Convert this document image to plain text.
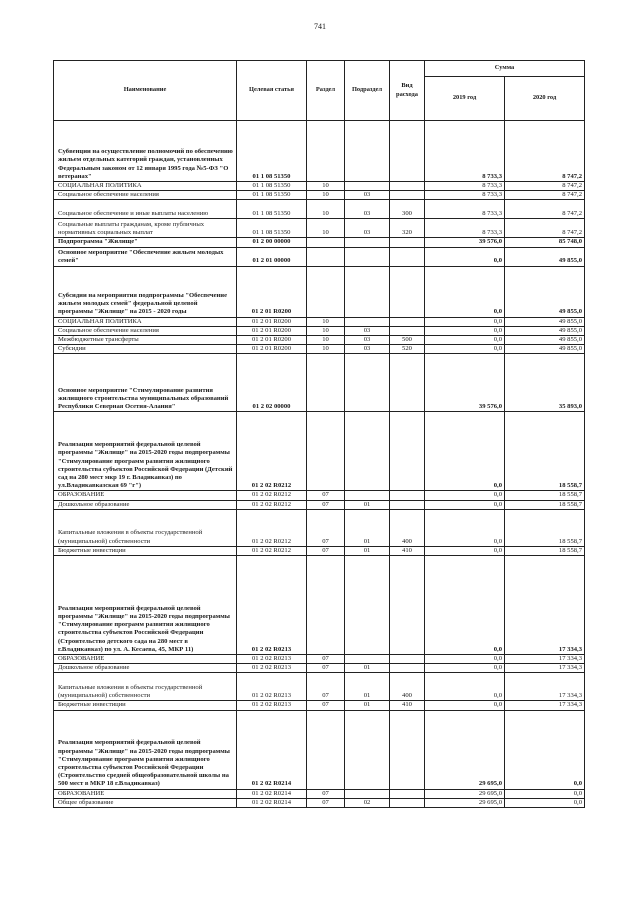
741
Наименование	Целевая статья	Раздел	Подраздел	Вид расхода	Сумма	
					2019 год	2020 год
Субвенции на осуществление полномочий по обеспечению жильем отдельных категорий граждан, установленных Федеральным законом от 12 января 1995 года №5-ФЗ "О ветеранах"	01 1 08 51350				8 733,3	8 747,2
СОЦИАЛЬНАЯ ПОЛИТИКА	01 1 08 51350	10			8 733,3	8 747,2
Социальное обеспечение населения	01 1 08 51350	10	03		8 733,3	8 747,2
Социальное обеспечение и иные выплаты населению	01 1 08 51350	10	03	300	8 733,3	8 747,2
Социальные выплаты гражданам, кроме публичных нормативных социальных выплат	01 1 08 51350	10	03	320	8 733,3	8 747,2
Подпрограмма "Жилище"	01 2 00 00000				39 576,0	85 748,0
Основное мероприятие "Обеспечение жильем молодых семей"	01 2 01 00000				0,0	49 855,0
Субсидии на мероприятия подпрограммы "Обеспечение жильем молодых семей" федеральной целевой программы "Жилище" на 2015 - 2020 годы	01 2 01 R0200				0,0	49 855,0
СОЦИАЛЬНАЯ ПОЛИТИКА	01 2 01 R0200	10			0,0	49 855,0
Социальное обеспечение населения	01 2 01 R0200	10	03		0,0	49 855,0
Межбюджетные трансферты	01 2 01 R0200	10	03	500	0,0	49 855,0
Субсидии	01 2 01 R0200	10	03	520	0,0	49 855,0
Основное мероприятие "Стимулирование развития жилищного строительства муниципальных образований Республики Северная Осетия-Алания"	01 2 02 00000				39 576,0	35 893,0
Реализация мероприятий федеральной целевой программы "Жилище" на 2015-2020 годы подпрограммы "Стимулирование программ развития жилищного строительства субъектов Российской Федерации (Детский сад на 280 мест мкр 19 г. Владикавказ) по ул.Владикавказская 69 "г")	01 2 02 R0212				0,0	18 558,7
ОБРАЗОВАНИЕ	01 2 02 R0212	07			0,0	18 558,7
Дошкольное образование	01 2 02 R0212	07	01		0,0	18 558,7
Капитальные вложения в объекты государственной (муниципальной) собственности	01 2 02 R0212	07	01	400	0,0	18 558,7
Бюджетные инвестиции	01 2 02 R0212	07	01	410	0,0	18 558,7
Реализация мероприятий федеральной целевой программы "Жилище" на 2015-2020 годы подпрограммы "Стимулирование программ развития жилищного строительства субъектов Российской Федерации (Строительство детского сада на 280 мест в г.Владикавказ) по ул. А. Кесаева, 45, МКР 11)	01 2 02 R0213				0,0	17 334,3
ОБРАЗОВАНИЕ	01 2 02 R0213	07			0,0	17 334,3
Дошкольное образование	01 2 02 R0213	07	01		0,0	17 334,3
Капитальные вложения в объекты государственной (муниципальной) собственности	01 2 02 R0213	07	01	400	0,0	17 334,3
Бюджетные инвестиции	01 2 02 R0213	07	01	410	0,0	17 334,3
Реализация мероприятий федеральной целевой программы "Жилище" на 2015-2020 годы подпрограммы "Стимулирование программ развития жилищного строительства субъектов Российской Федерации (Строительство средней общеобразовательной школы на 500 мест в МКР 18 г.Владикавказ)	01 2 02 R0214				29 695,0	0,0
ОБРАЗОВАНИЕ	01 2 02 R0214	07			29 695,0	0,0
Общее образование	01 2 02 R0214	07	02		29 695,0	0,0
